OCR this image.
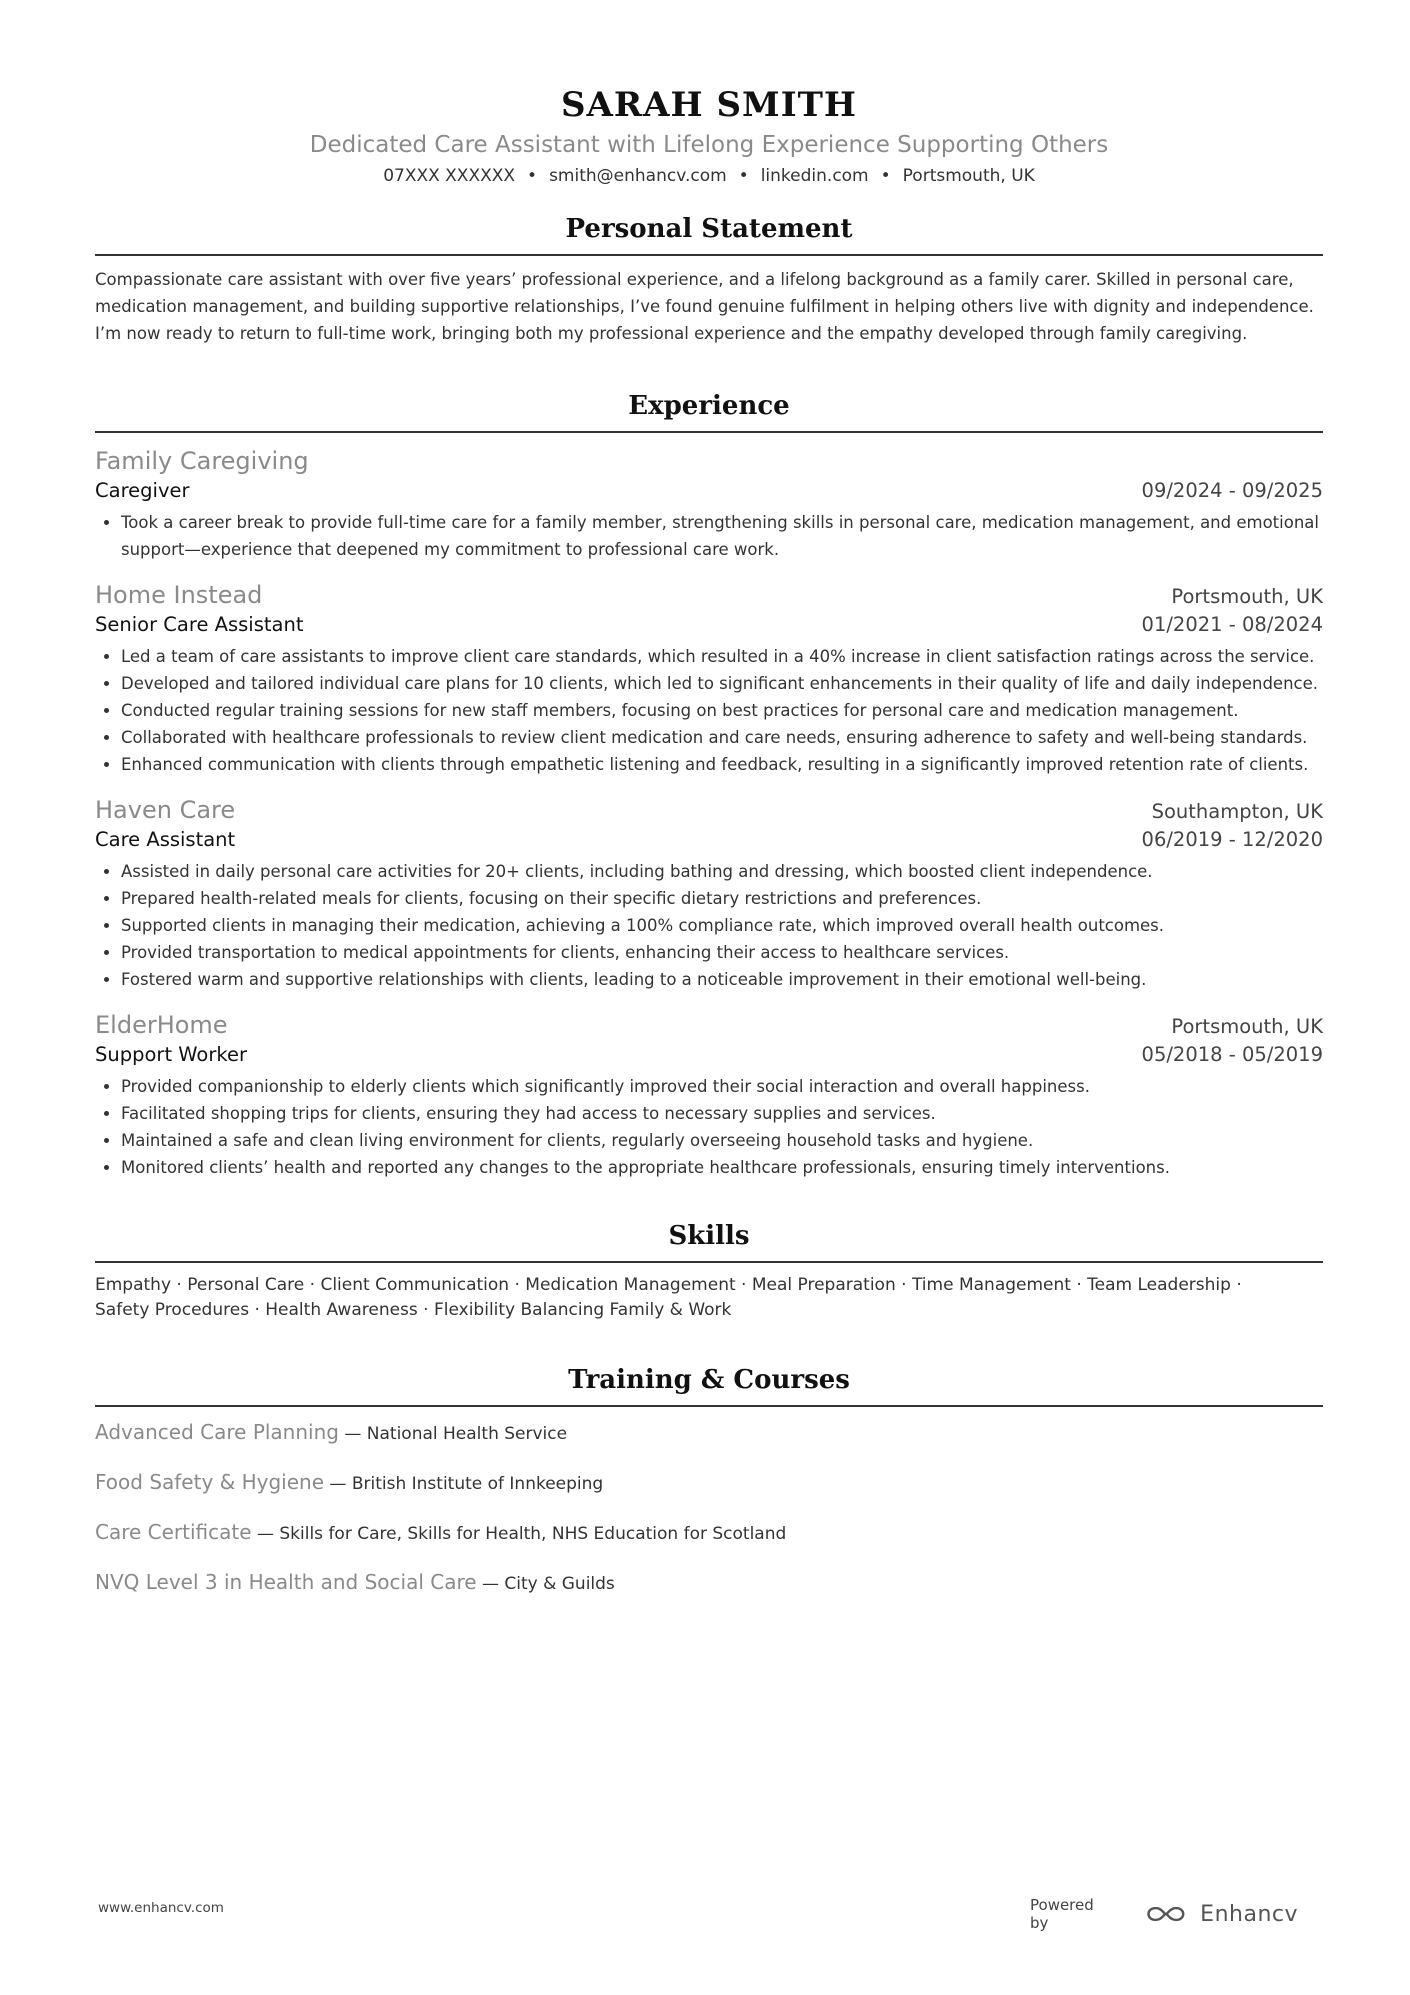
SARAH SMITH
Dedicated Care Assistant with Lifelong Experience Supporting Others
07XXX XXXXXX • smith@enhancv.com • linkedin.com • Portsmouth, UK
Personal Statement
Compassionate care assistant with over five years’ professional experience, and a lifelong background as a family carer. Skilled in personal care, medication management, and building supportive relationships, I’ve found genuine fulfilment in helping others live with dignity and independence. I’m now ready to return to full-time work, bringing both my professional experience and the empathy developed through family caregiving.
Experience
Family Caregiving
Caregiver	09/2024 - 09/2025
• Took a career break to provide full-time care for a family member, strengthening skills in personal care, medication management, and emotional support—experience that deepened my commitment to professional care work.
Home Instead	Portsmouth, UK
Senior Care Assistant	01/2021 - 08/2024
• Led a team of care assistants to improve client care standards, which resulted in a 40% increase in client satisfaction ratings across the service.
• Developed and tailored individual care plans for 10 clients, which led to significant enhancements in their quality of life and daily independence.
• Conducted regular training sessions for new staff members, focusing on best practices for personal care and medication management.
• Collaborated with healthcare professionals to review client medication and care needs, ensuring adherence to safety and well-being standards.
• Enhanced communication with clients through empathetic listening and feedback, resulting in a significantly improved retention rate of clients.
Haven Care	Southampton, UK
Care Assistant	06/2019 - 12/2020
• Assisted in daily personal care activities for 20+ clients, including bathing and dressing, which boosted client independence.
• Prepared health-related meals for clients, focusing on their specific dietary restrictions and preferences.
• Supported clients in managing their medication, achieving a 100% compliance rate, which improved overall health outcomes.
• Provided transportation to medical appointments for clients, enhancing their access to healthcare services.
• Fostered warm and supportive relationships with clients, leading to a noticeable improvement in their emotional well-being.
ElderHome	Portsmouth, UK
Support Worker	05/2018 - 05/2019
• Provided companionship to elderly clients which significantly improved their social interaction and overall happiness.
• Facilitated shopping trips for clients, ensuring they had access to necessary supplies and services.
• Maintained a safe and clean living environment for clients, regularly overseeing household tasks and hygiene.
• Monitored clients’ health and reported any changes to the appropriate healthcare professionals, ensuring timely interventions.
Skills
Empathy · Personal Care · Client Communication · Medication Management · Meal Preparation · Time Management · Team Leadership ·
Safety Procedures · Health Awareness · Flexibility Balancing Family & Work
Training & Courses
Advanced Care Planning — National Health Service
Food Safety & Hygiene — British Institute of Innkeeping
Care Certificate — Skills for Care, Skills for Health, NHS Education for Scotland
NVQ Level 3 in Health and Social Care — City & Guilds
www.enhancv.com	Powered by	Enhancv
